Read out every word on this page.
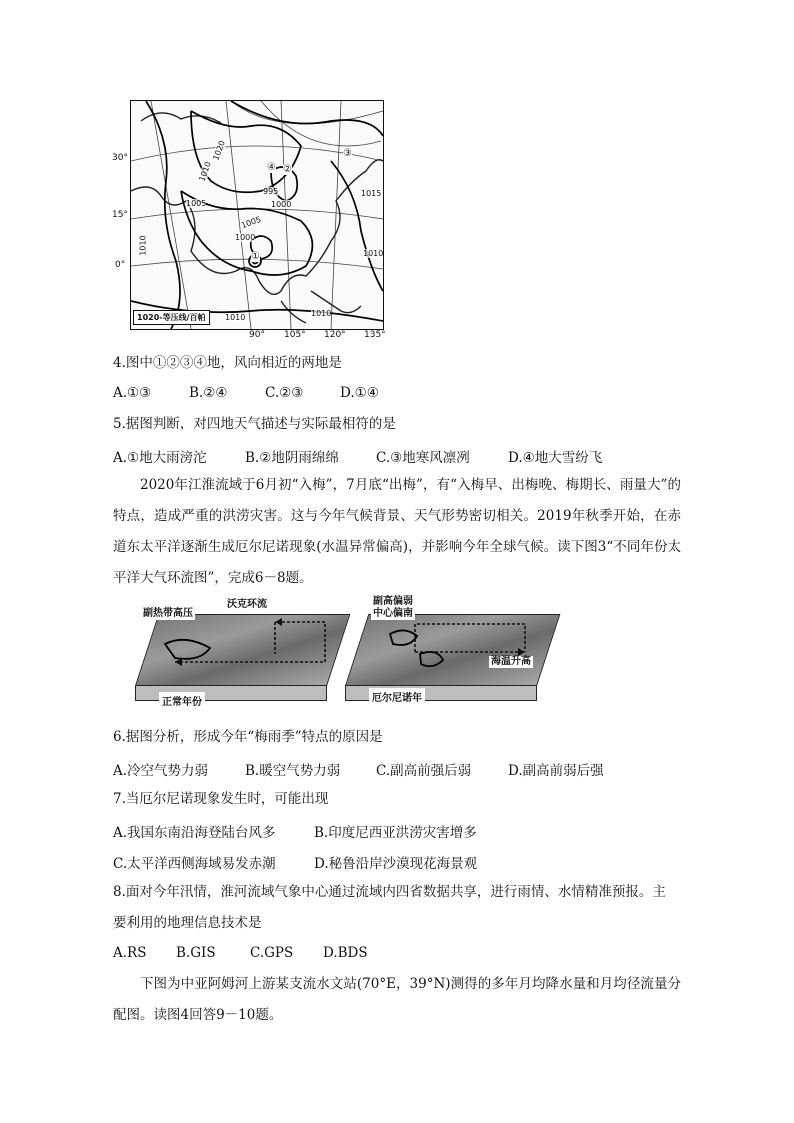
30°
15°
0°
1020
1010
1005
995
1000
1005
1000
1015
1010
1010	1010
1010
①
②
③
④
1020-等压线/百帕
90° 105° 120° 135°
4.图中①②③④地，风向相近的两地是
A.①③	B.②④	C.②③	D.①④
5.据图判断，对四地天气描述与实际最相符的是
A.①地大雨滂沱	B.②地阴雨绵绵	C.③地寒风凛冽	D.④地大雪纷飞

2020年江淮流域于6月初“入梅”，7月底“出梅”，有“入梅早、出梅晚、梅期长、雨量大”的特点，造成严重的洪涝灾害。这与今年气候背景、天气形势密切相关。2019年秋季开始，在赤道东太平洋逐渐生成厄尔尼诺现象(水温异常偏高)，并影响今年全球气候。读下图3“不同年份太平洋大气环流图”，完成6－8题。

副热带高压
沃克环流
正常年份
副高偏弱
中心偏南
海温升高
厄尔尼诺年
6.据图分析，形成今年“梅雨季”特点的原因是
A.冷空气势力弱	B.暖空气势力弱	C.副高前强后弱	D.副高前弱后强
7.当厄尔尼诺现象发生时，可能出现
A.我国东南沿海登陆台风多	B.印度尼西亚洪涝灾害增多
C.太平洋西侧海域易发赤潮	D.秘鲁沿岸沙漠现花海景观
8.面对今年汛情，淮河流域气象中心通过流域内四省数据共享，进行雨情、水情精准预报。主
要利用的地理信息技术是
A.RS B.GIS	C.GPS D.BDS

下图为中亚阿姆河上游某支流水文站(70°E，39°N)测得的多年月均降水量和月均径流量分配图。读图4回答9－10题。
